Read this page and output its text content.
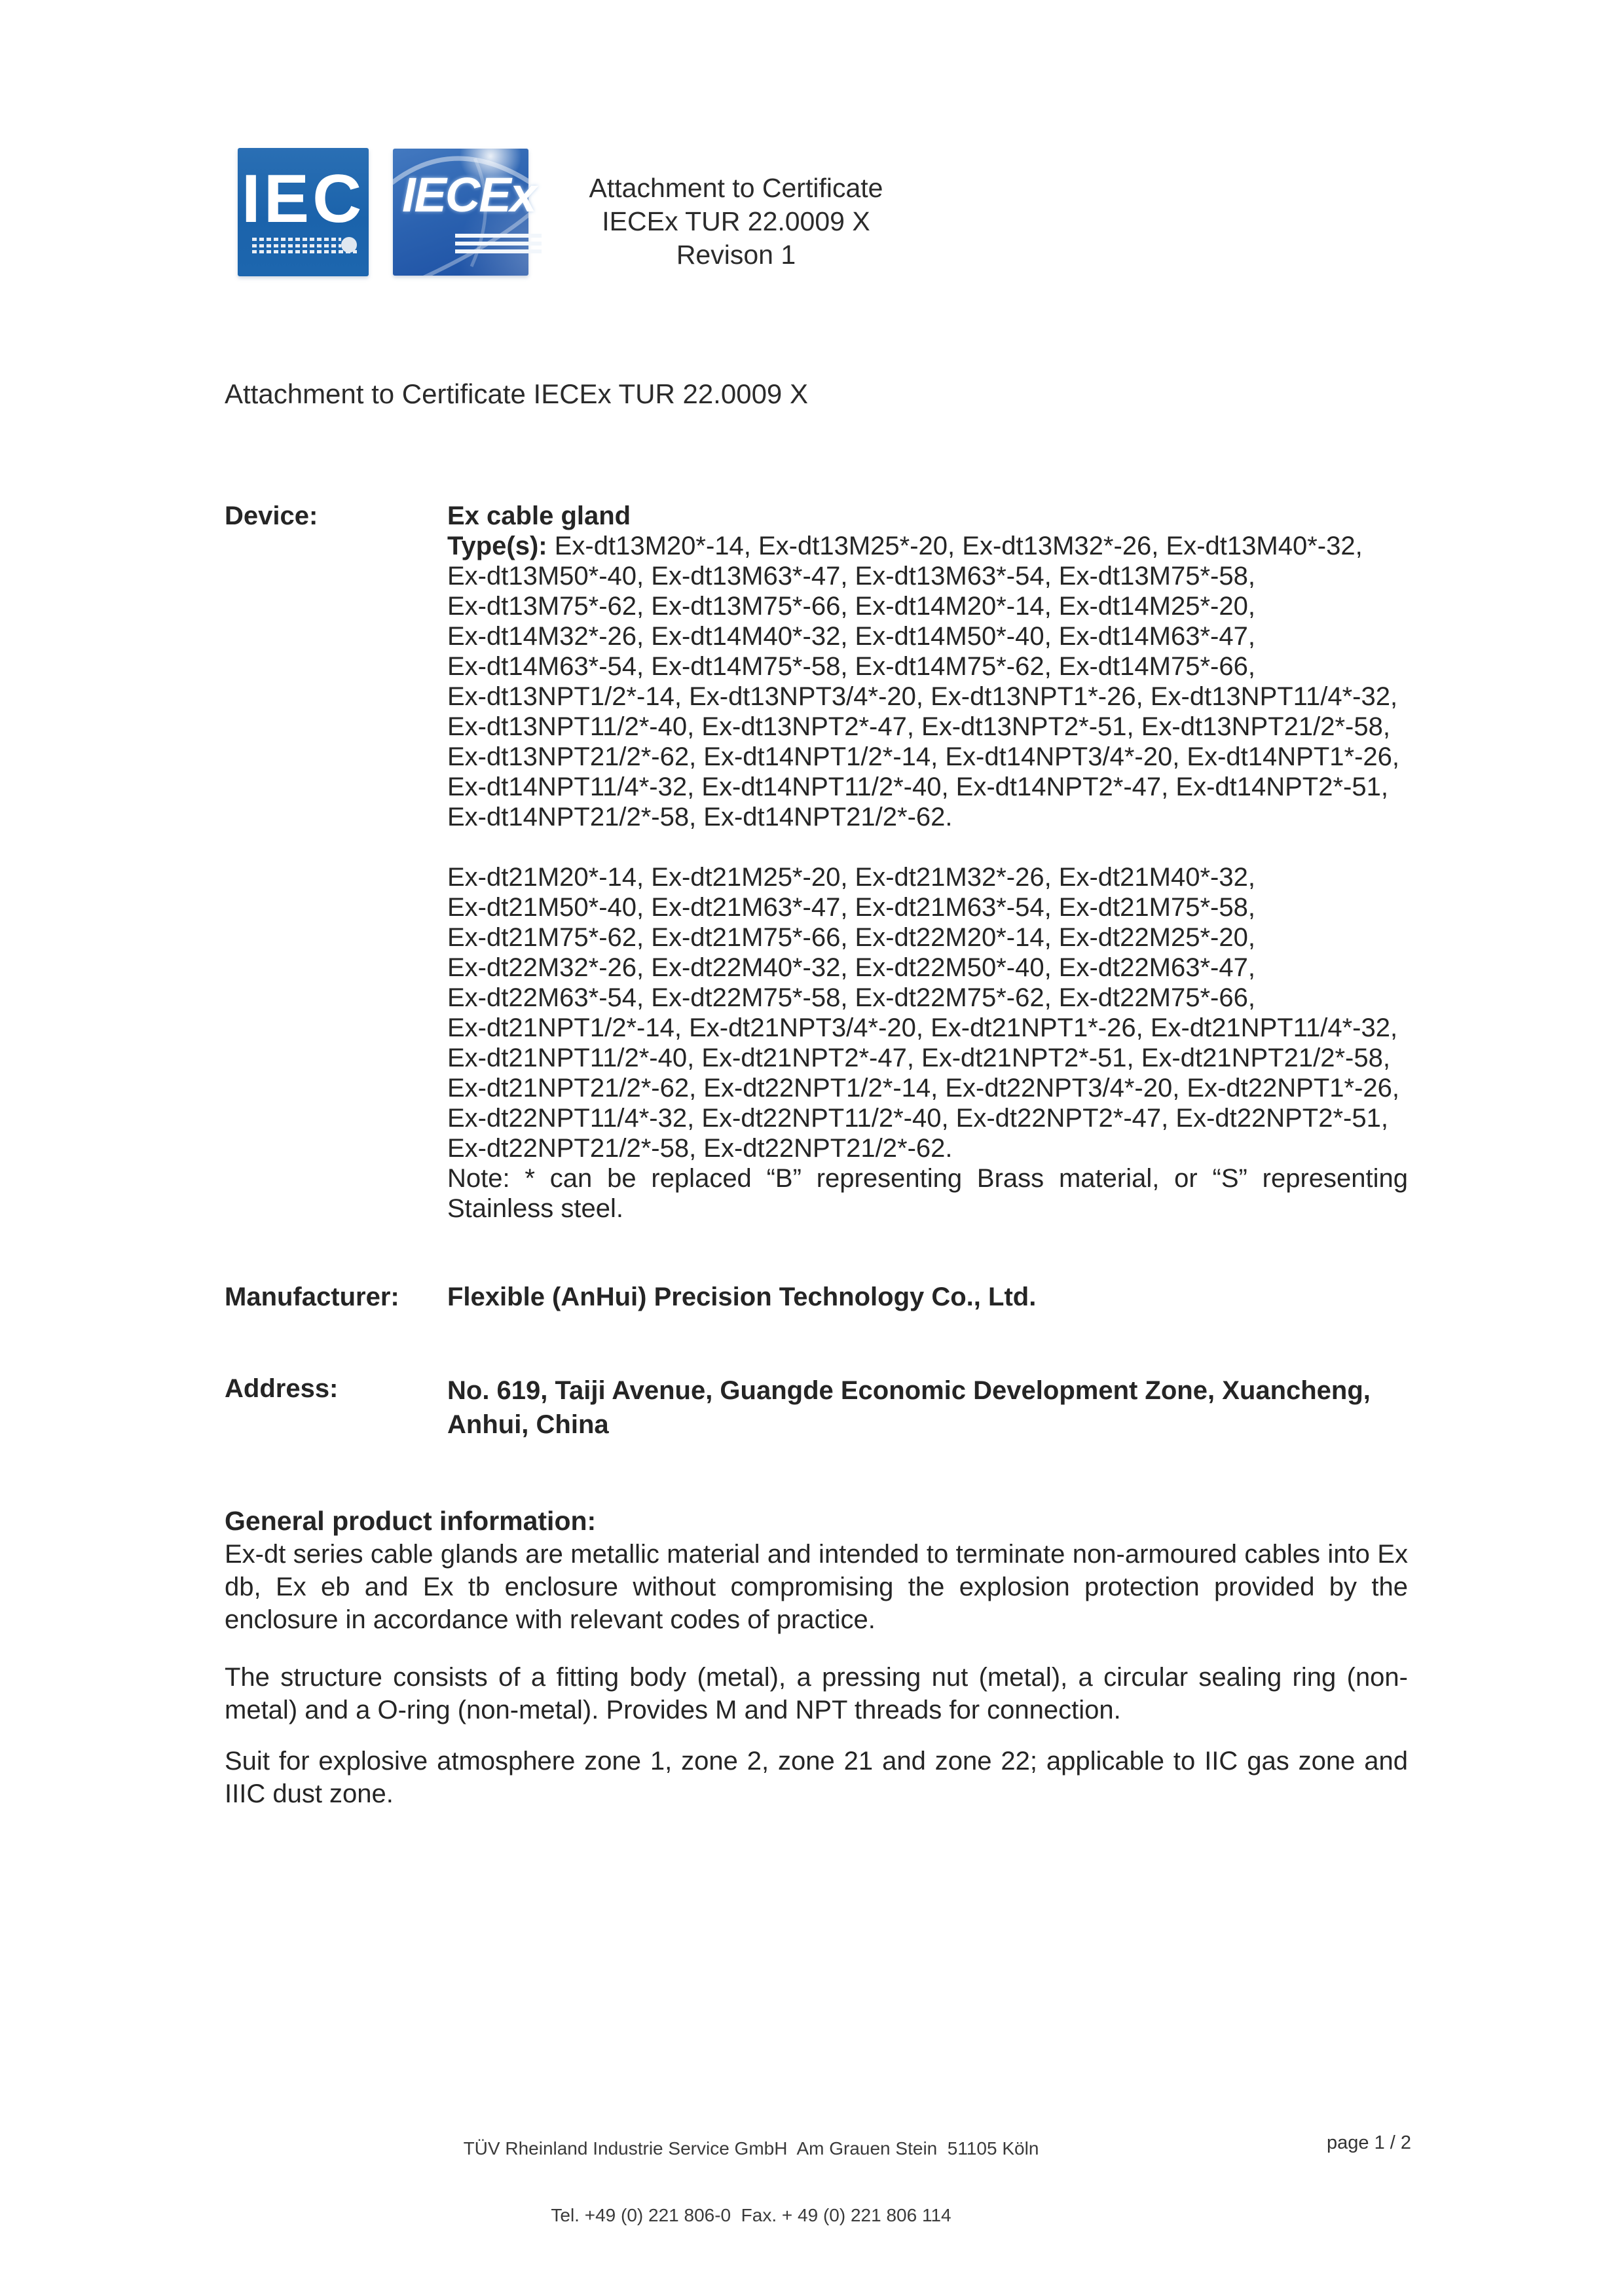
IEC IECEx	Attachment to Certificate
IECEx TUR 22.0009 X
Revison 1
Attachment to Certificate IECEx TUR 22.0009 X
Device:	Ex cable gland
Type(s): Ex-dt13M20*-14, Ex-dt13M25*-20, Ex-dt13M32*-26, Ex-dt13M40*-32,
Ex-dt13M50*-40, Ex-dt13M63*-47, Ex-dt13M63*-54, Ex-dt13M75*-58,
Ex-dt13M75*-62, Ex-dt13M75*-66, Ex-dt14M20*-14, Ex-dt14M25*-20,
Ex-dt14M32*-26, Ex-dt14M40*-32, Ex-dt14M50*-40, Ex-dt14M63*-47,
Ex-dt14M63*-54, Ex-dt14M75*-58, Ex-dt14M75*-62, Ex-dt14M75*-66,
Ex-dt13NPT1/2*-14, Ex-dt13NPT3/4*-20, Ex-dt13NPT1*-26, Ex-dt13NPT11/4*-32,
Ex-dt13NPT11/2*-40, Ex-dt13NPT2*-47, Ex-dt13NPT2*-51, Ex-dt13NPT21/2*-58,
Ex-dt13NPT21/2*-62, Ex-dt14NPT1/2*-14, Ex-dt14NPT3/4*-20, Ex-dt14NPT1*-26,
Ex-dt14NPT11/4*-32, Ex-dt14NPT11/2*-40, Ex-dt14NPT2*-47, Ex-dt14NPT2*-51,
Ex-dt14NPT21/2*-58, Ex-dt14NPT21/2*-62.
Ex-dt21M20*-14, Ex-dt21M25*-20, Ex-dt21M32*-26, Ex-dt21M40*-32,
Ex-dt21M50*-40, Ex-dt21M63*-47, Ex-dt21M63*-54, Ex-dt21M75*-58,
Ex-dt21M75*-62, Ex-dt21M75*-66, Ex-dt22M20*-14, Ex-dt22M25*-20,
Ex-dt22M32*-26, Ex-dt22M40*-32, Ex-dt22M50*-40, Ex-dt22M63*-47,
Ex-dt22M63*-54, Ex-dt22M75*-58, Ex-dt22M75*-62, Ex-dt22M75*-66,
Ex-dt21NPT1/2*-14, Ex-dt21NPT3/4*-20, Ex-dt21NPT1*-26, Ex-dt21NPT11/4*-32,
Ex-dt21NPT11/2*-40, Ex-dt21NPT2*-47, Ex-dt21NPT2*-51, Ex-dt21NPT21/2*-58,
Ex-dt21NPT21/2*-62, Ex-dt22NPT1/2*-14, Ex-dt22NPT3/4*-20, Ex-dt22NPT1*-26,
Ex-dt22NPT11/4*-32, Ex-dt22NPT11/2*-40, Ex-dt22NPT2*-47, Ex-dt22NPT2*-51,
Ex-dt22NPT21/2*-58, Ex-dt22NPT21/2*-62.
Note: * can be replaced “B” representing Brass material, or “S” representing
Stainless steel.
Manufacturer: Flexible (AnHui) Precision Technology Co., Ltd.
Address:	No. 619, Taiji Avenue, Guangde Economic Development Zone, Xuancheng,
Anhui, China
General product information:
Ex-dt series cable glands are metallic material and intended to terminate non-armoured cables into Ex
db, Ex eb and Ex tb enclosure without compromising the explosion protection provided by the
enclosure in accordance with relevant codes of practice.
The structure consists of a fitting body (metal), a pressing nut (metal), a circular sealing ring (non-
metal) and a O-ring (non-metal). Provides M and NPT threads for connection.
Suit for explosive atmosphere zone 1, zone 2, zone 21 and zone 22; applicable to IIC gas zone and
IIIC dust zone.

TÜV Rheinland Industrie Service GmbH  Am Grauen Stein  51105 Köln

Tel. +49 (0) 221 806-0  Fax. + 49 (0) 221 806 114

page 1 / 2
